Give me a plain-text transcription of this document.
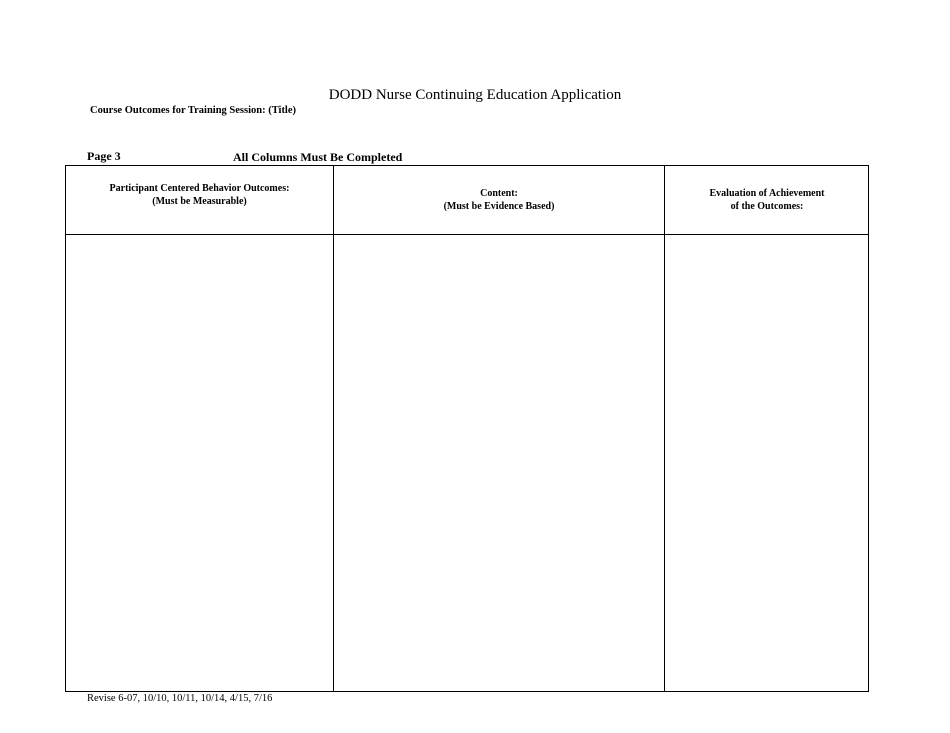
DODD Nurse Continuing Education Application
Course Outcomes for Training Session: (Title)
Page 3	All Columns Must Be Completed
Participant Centered Behavior Outcomes:
(Must be Measurable)
Content:
(Must be Evidence Based)
Evaluation of Achievement
of the Outcomes:
Revise 6-07, 10/10, 10/11, 10/14, 4/15, 7/16
